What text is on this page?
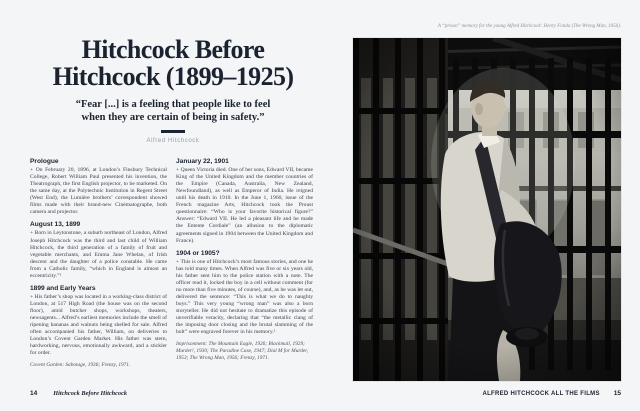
Hitchcock Before
Hitchcock (1899–1925)
“Fear [...] is a feeling that people like to feel
when they are certain of being in safety.”
Alfred Hitchcock
Prologue

+ On February 20, 1896, at London’s Finsbury Technical College, Robert William Paul presented his invention, the Theatrograph, the first English projector, to be marketed. On the same day, at the Polytechnic Institution in Regent Street (West End), the Lumière brothers’ correspondent showed films made with their brand-new Cinématographe, both camera and projector.

August 13, 1899

+ Born in Leytonstone, a suburb northeast of London, Alfred Joseph Hitchcock was the third and last child of William Hitchcock, the third generation of a family of fruit and vegetable merchants, and Emma Jane Whelan, of Irish descent and the daughter of a police constable. He came from a Catholic family, “which in England is almost an eccentricity.”¹

1899 and Early Years

+ His father’s shop was located in a working-class district of London, at 517 High Road (the house was on the second floor), amid butcher shops, workshops, theaters, newsagents... Alfred’s earliest memories include the smell of ripening bananas and walnuts being shelled for sale. Alfred often accompanied his father, William, on deliveries to London’s Covent Garden Market. His father was stern, hardworking, nervous, emotionally awkward, and a stickler for order.

Covent Garden: Sabotage, 1936; Frenzy, 1971.

January 22, 1901

+ Queen Victoria died. One of her sons, Edward VII, became King of the United Kingdom and the member countries of the Empire (Canada, Australia, New Zealand, Newfoundland), as well as Emperor of India. He reigned until his death in 1910. In the June 1, 1960, issue of the French magazine Arts, Hitchcock took the Proust questionnaire: “Who is your favorite historical figure?” Answer: “Edward VII. He led a pleasant life and he made the Entente Cordiale” (an allusion to the diplomatic agreements signed in 1904 between the United Kingdom and France).

1904 or 1905?

+ This is one of Hitchcock’s most famous stories, and one he has told many times. When Alfred was five or six years old, his father sent him to the police station with a note. The officer read it, locked the boy in a cell without comment (for no more than five minutes, of course), and, as he was let out, delivered the sentence: “This is what we do to naughty boys.” This very young “wrong man” was also a born storyteller. He did not hesitate to dramatize this episode of unverifiable veracity, declaring that “the metallic clang of the imposing door closing and the brutal slamming of the bolt” were engraved forever in his memory.²

Imprisonment: The Mountain Eagle, 1926; Blackmail, 1929; Murder!, 1930; The Paradine Case, 1947; Dial M for Murder, 1953; The Wrong Man, 1956; Frenzy, 1971.

14	Hitchcock Before Hitchcock
A “prison” memory for the young Alfred Hitchcock: Henry Fonda (The Wrong Man, 1956).
ALFRED HITCHCOCK ALL THE FILMS 15
